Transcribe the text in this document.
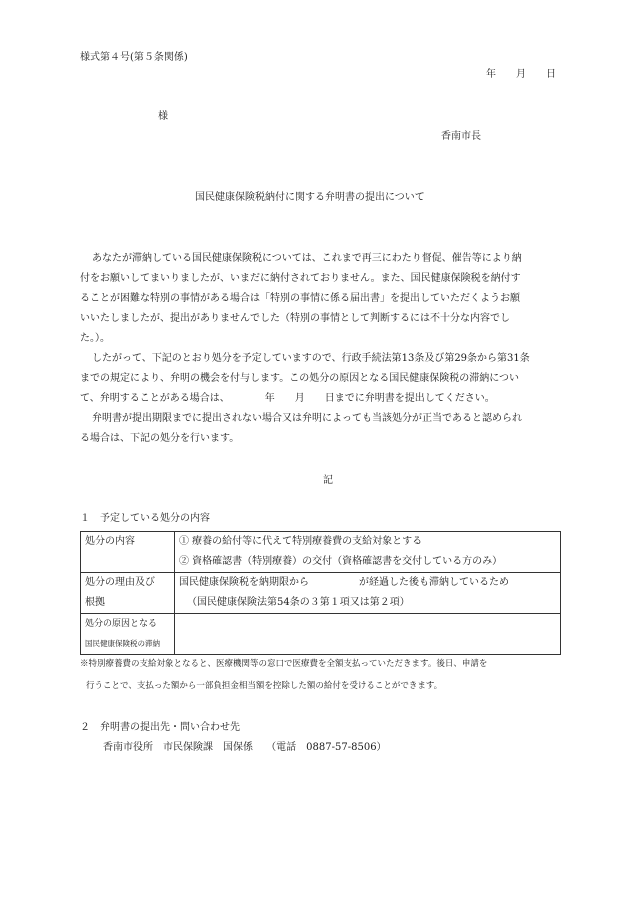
様式第４号(第５条関係)
年　　月　　日
様
香南市長
国民健康保険税納付に関する弁明書の提出について
あなたが滞納している国民健康保険税については、これまで再三にわたり督促、催告等により納
付をお願いしてまいりましたが、いまだに納付されておりません。また、国民健康保険税を納付す
ることが困難な特別の事情がある場合は「特別の事情に係る届出書」を提出していただくようお願
いいたしましたが、提出がありませんでした（特別の事情として判断するには不十分な内容でし
た。）。
したがって、下記のとおり処分を予定していますので、行政手続法第13条及び第29条から第31条
までの規定により、弁明の機会を付与します。この処分の原因となる国民健康保険税の滞納につい
て、弁明することがある場合は、　　　　年　　月　　日までに弁明書を提出してください。
弁明書が提出期限までに提出されない場合又は弁明によっても当該処分が正当であると認められ
る場合は、下記の処分を行います。
記
１　予定している処分の内容
処分の内容	① 療養の給付等に代えて特別療養費の支給対象とする
② 資格確認書（特別療養）の交付（資格確認書を交付している方のみ）

処分の理由及び
根拠	国民健康保険税を納期限から　　　　　が経過した後も滞納しているため
（国民健康保険法第54条の３第１項又は第２項）

処分の原因となる
国民健康保険税の滞納	

※特別療養費の支給対象となると、医療機関等の窓口で医療費を全額支払っていただきます。後日、申請を
行うことで、支払った額から一部負担金相当額を控除した額の給付を受けることができます。
２　弁明書の提出先・問い合わせ先
香南市役所　市民保険課　国保係　 （電話　0887-57-8506）
